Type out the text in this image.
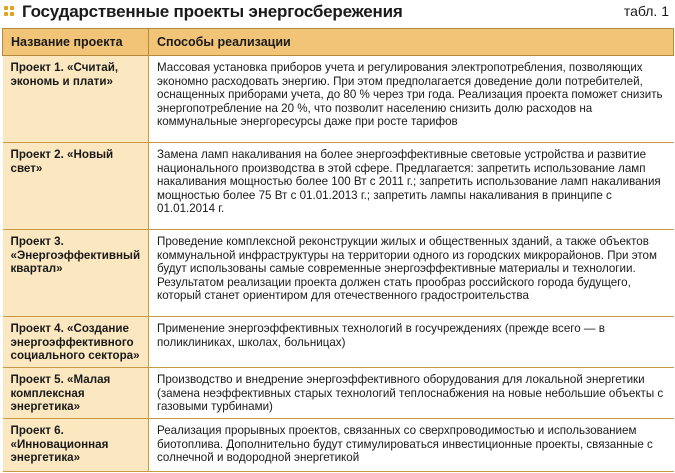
Государственные проекты энергосбережения	табл. 1
Название проекта	Способы реализации
Проект 1. «Считай, экономь и плати»	Массовая установка приборов учета и регулирования электропотребления, позволяющих экономно расходовать энергию. При этом предполагается доведение доли потребителей, оснащенных приборами учета, до 80 % через три года. Реализация проекта поможет снизить энергопотребление на 20 %, что позволит населению снизить долю расходов на коммунальные энергоресурсы даже при росте тарифов
Проект 2. «Новый свет»	Замена ламп накаливания на более энергоэффективные световые устройства и развитие национального производства в этой сфере. Предлагается: запретить использование ламп накаливания мощностью более 100 Вт с 2011 г.; запретить использование ламп накаливания мощностью более 75 Вт с 01.01.2013 г.; запретить лампы накаливания в принципе с 01.01.2014 г.
Проект 3. «Энергоэффективный квартал»	Проведение комплексной реконструкции жилых и общественных зданий, а также объектов коммунальной инфраструктуры на территории одного из городских микрорайонов. При этом будут использованы самые современные энергоэффективные материалы и технологии. Результатом реализации проекта должен стать прообраз российского города будущего, который станет ориентиром для отечественного градостроительства
Проект 4. «Создание энергоэффективного социального сектора»	Применение энергоэффективных технологий в госучреждениях (прежде всего — в поликлиниках, школах, больницах)
Проект 5. «Малая комплексная энергетика»	Производство и внедрение энергоэффективного оборудования для локальной энергетики (замена неэффективных старых технологий теплоснабжения на новые небольшие объекты с газовыми турбинами)
Проект 6. «Инновационная энергетика»	Реализация прорывных проектов, связанных со сверхпроводимостью и использованием биотоплива. Дополнительно будут стимулироваться инвестиционные проекты, связанные с солнечной и водородной энергетикой
